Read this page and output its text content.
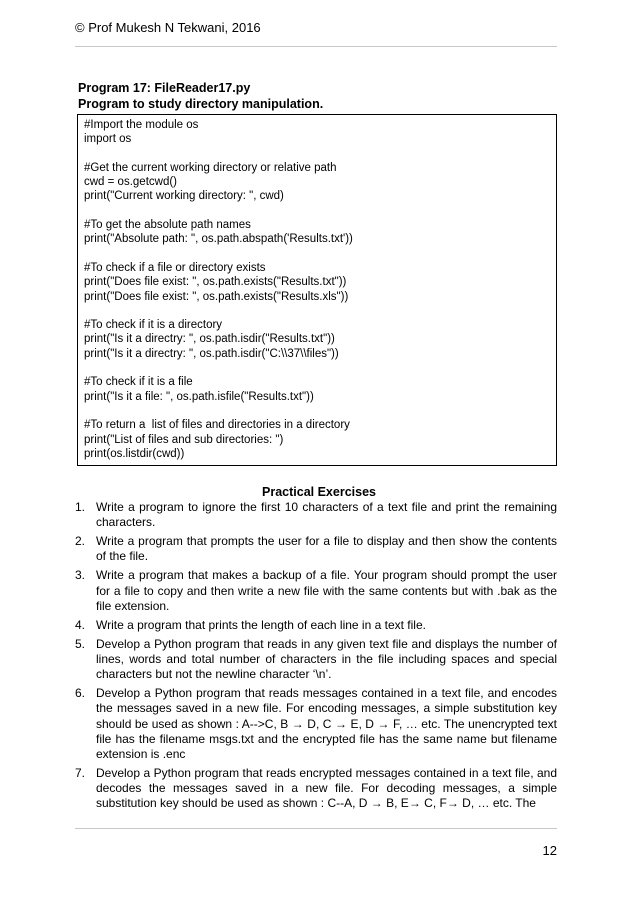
© Prof Mukesh N Tekwani, 2016
Program 17: FileReader17.py
Program to study directory manipulation.
#Import the module os
import os
#Get the current working directory or relative path
cwd = os.getcwd()
print("Current working directory: ", cwd)
#To get the absolute path names
print("Absolute path: ", os.path.abspath('Results.txt'))
#To check if a file or directory exists
print("Does file exist: ", os.path.exists("Results.txt"))
print("Does file exist: ", os.path.exists("Results.xls"))
#To check if it is a directory
print("Is it a directry: ", os.path.isdir("Results.txt"))
print("Is it a directry: ", os.path.isdir("C:\\37\\files"))
#To check if it is a file
print("Is it a file: ", os.path.isfile("Results.txt"))
#To return a  list of files and directories in a directory
print("List of files and sub directories: ")
print(os.listdir(cwd))
Practical Exercises
1. Write a program to ignore the first 10 characters of a text file and print the remaining characters.
2. Write a program that prompts the user for a file to display and then show the contents of the file.
3. Write a program that makes a backup of a file. Your program should prompt the user for a file to copy and then write a new file with the same contents but with .bak as the file extension.
4. Write a program that prints the length of each line in a text file.
5. Develop a Python program that reads in any given text file and displays the number of lines, words and total number of characters in the file including spaces and special characters but not the newline character ‘\n’.
6. Develop a Python program that reads messages contained in a text file, and encodes the messages saved in a new file. For encoding messages, a simple substitution key should be used as shown : A-->C, B → D, C → E, D → F, … etc. The unencrypted text file has the filename msgs.txt and the encrypted file has the same name but filename extension is .enc
7. Develop a Python program that reads encrypted messages contained in a text file, and decodes the messages saved in a new file. For decoding messages, a simple substitution key should be used as shown : C--A, D → B, E→ C, F→ D, … etc. The
12
